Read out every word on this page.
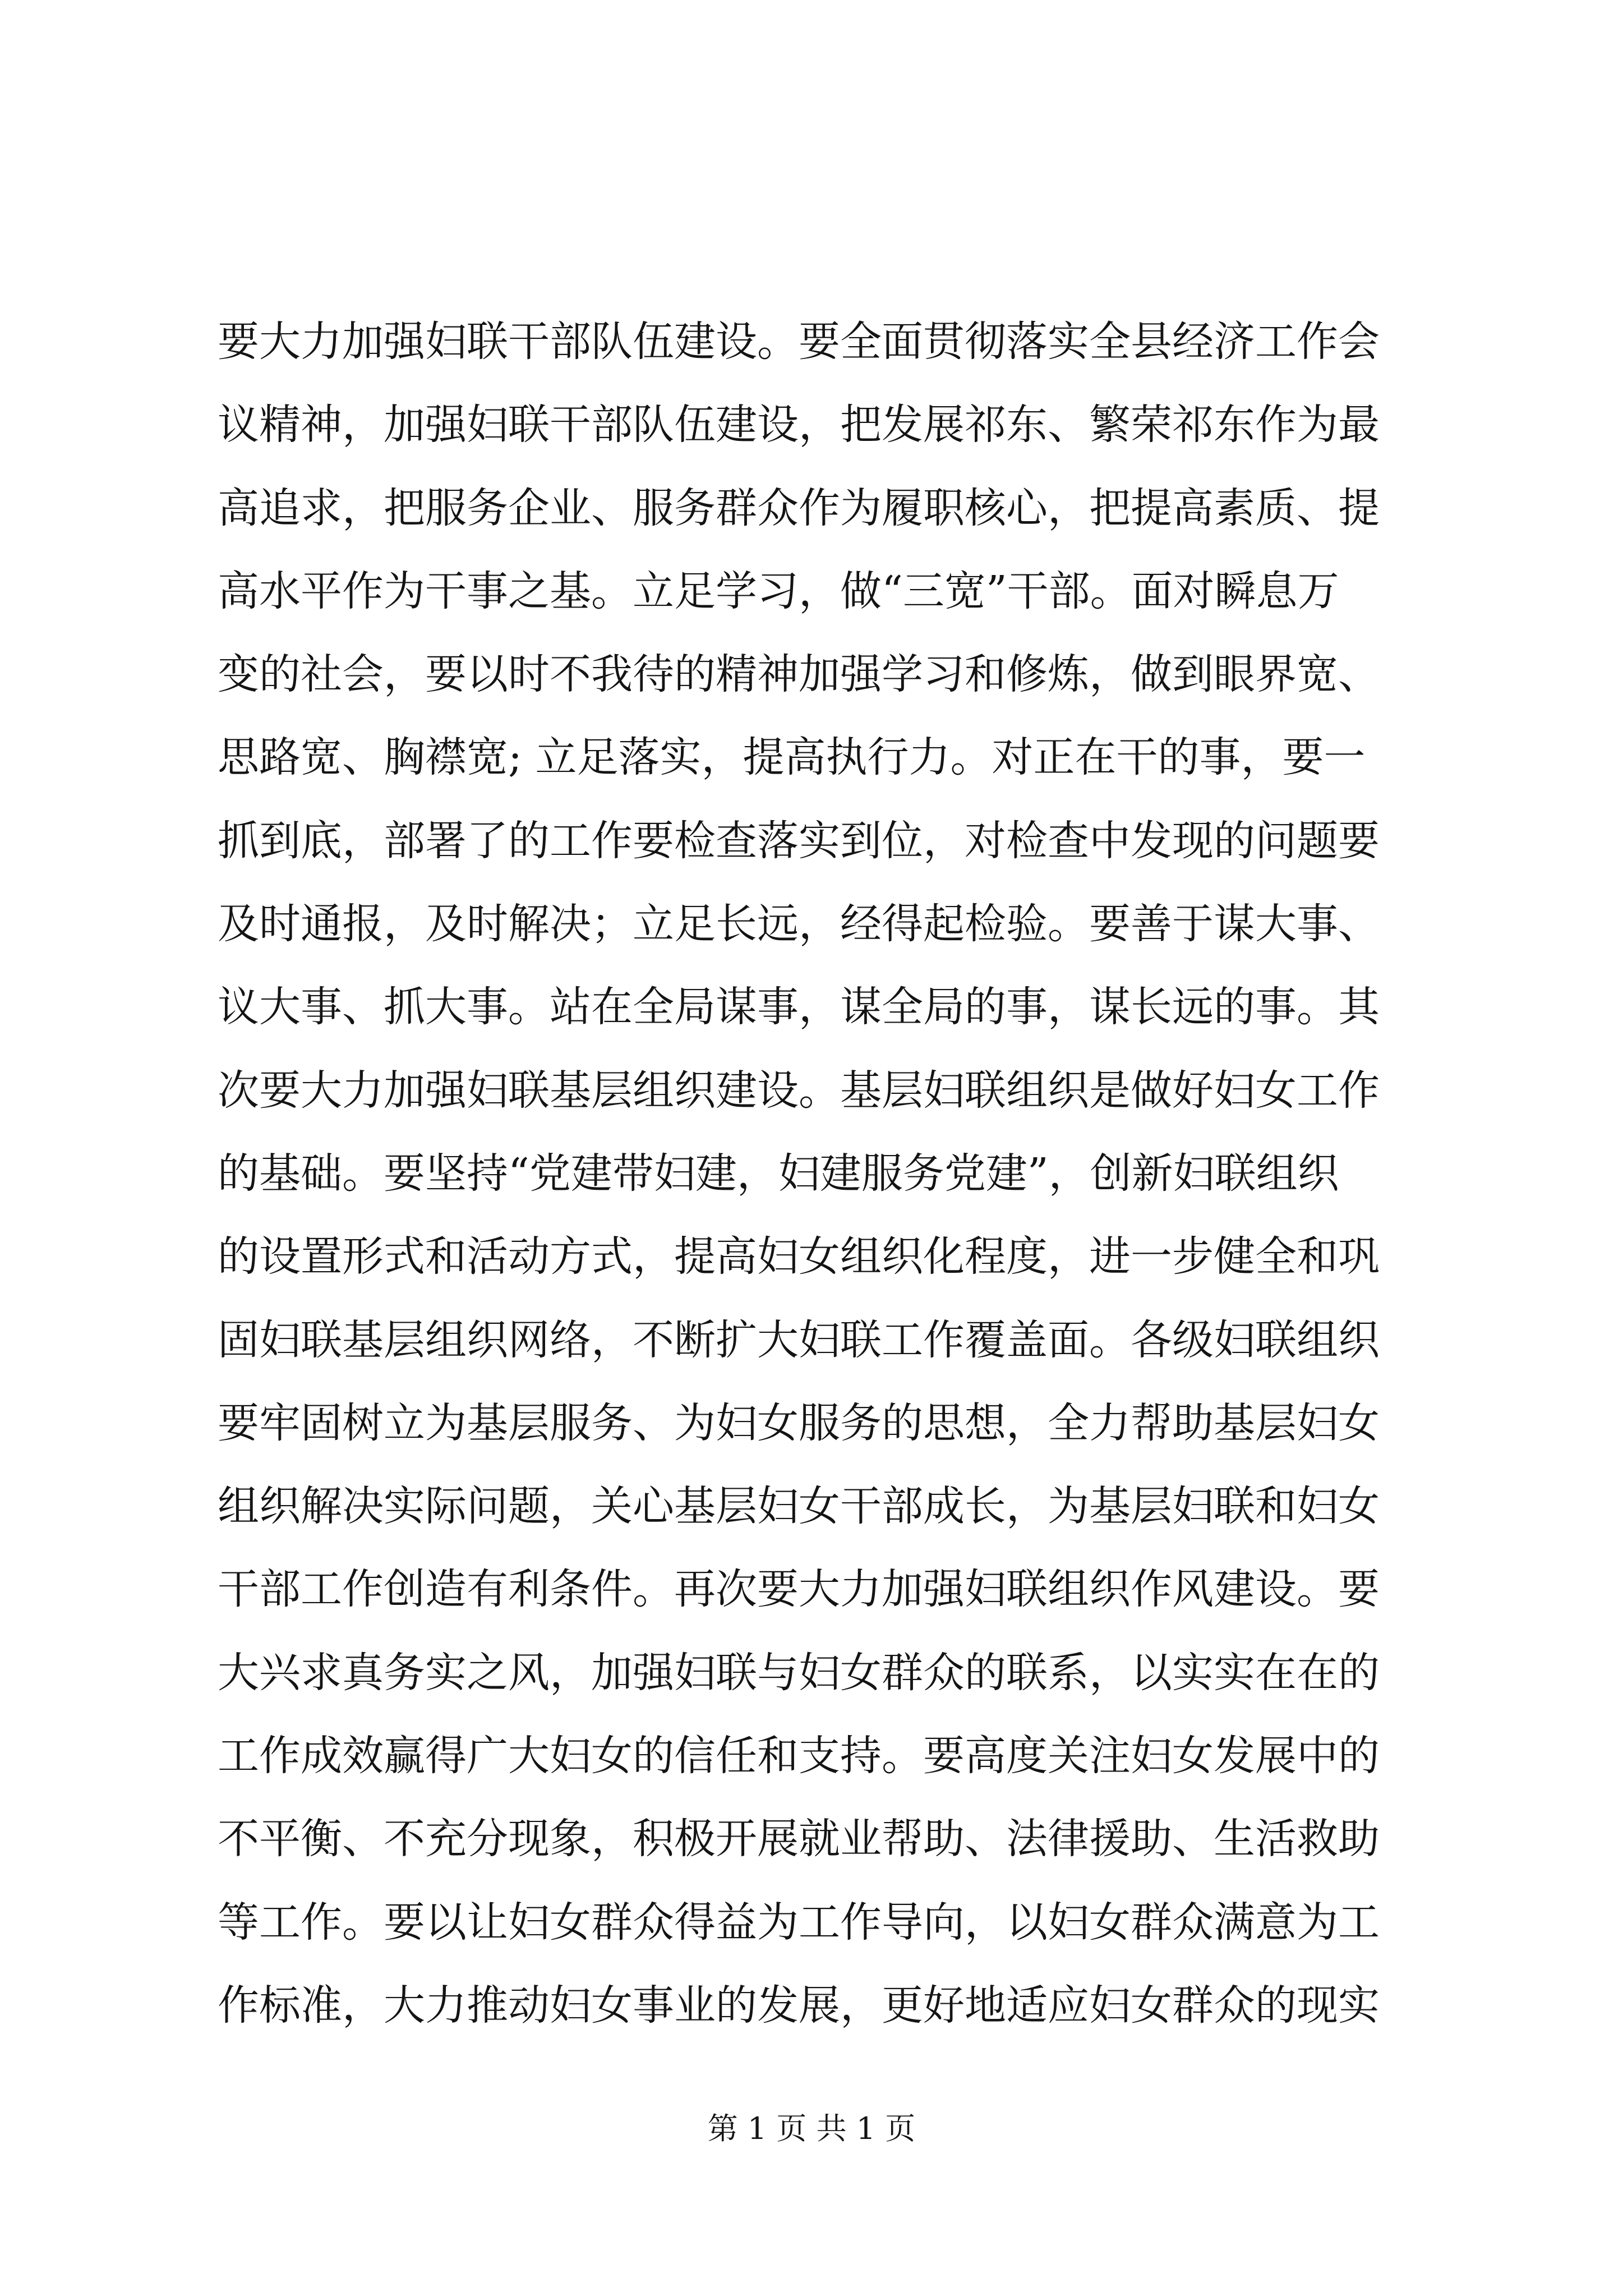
要大力加强妇联干部队伍建设。要全面贯彻落实全县经济工作会
议精神，加强妇联干部队伍建设，把发展祁东、繁荣祁东作为最
高追求，把服务企业、服务群众作为履职核心，把提高素质、提
高水平作为干事之基。立足学习，做“三宽”干部。面对瞬息万
变的社会，要以时不我待的精神加强学习和修炼，做到眼界宽、
思路宽、胸襟宽; 立足落实，提高执行力。对正在干的事，要一
抓到底，部署了的工作要检查落实到位，对检查中发现的问题要
及时通报，及时解决；立足长远，经得起检验。要善于谋大事、
议大事、抓大事。站在全局谋事，谋全局的事，谋长远的事。其
次要大力加强妇联基层组织建设。基层妇联组织是做好妇女工作
的基础。要坚持“党建带妇建，妇建服务党建”，创新妇联组织
的设置形式和活动方式，提高妇女组织化程度，进一步健全和巩
固妇联基层组织网络，不断扩大妇联工作覆盖面。各级妇联组织
要牢固树立为基层服务、为妇女服务的思想，全力帮助基层妇女
组织解决实际问题，关心基层妇女干部成长，为基层妇联和妇女
干部工作创造有利条件。再次要大力加强妇联组织作风建设。要
大兴求真务实之风，加强妇联与妇女群众的联系，以实实在在的
工作成效赢得广大妇女的信任和支持。要高度关注妇女发展中的
不平衡、不充分现象，积极开展就业帮助、法律援助、生活救助
等工作。要以让妇女群众得益为工作导向，以妇女群众满意为工
作标准，大力推动妇女事业的发展，更好地适应妇女群众的现实
第 1 页 共 1 页
